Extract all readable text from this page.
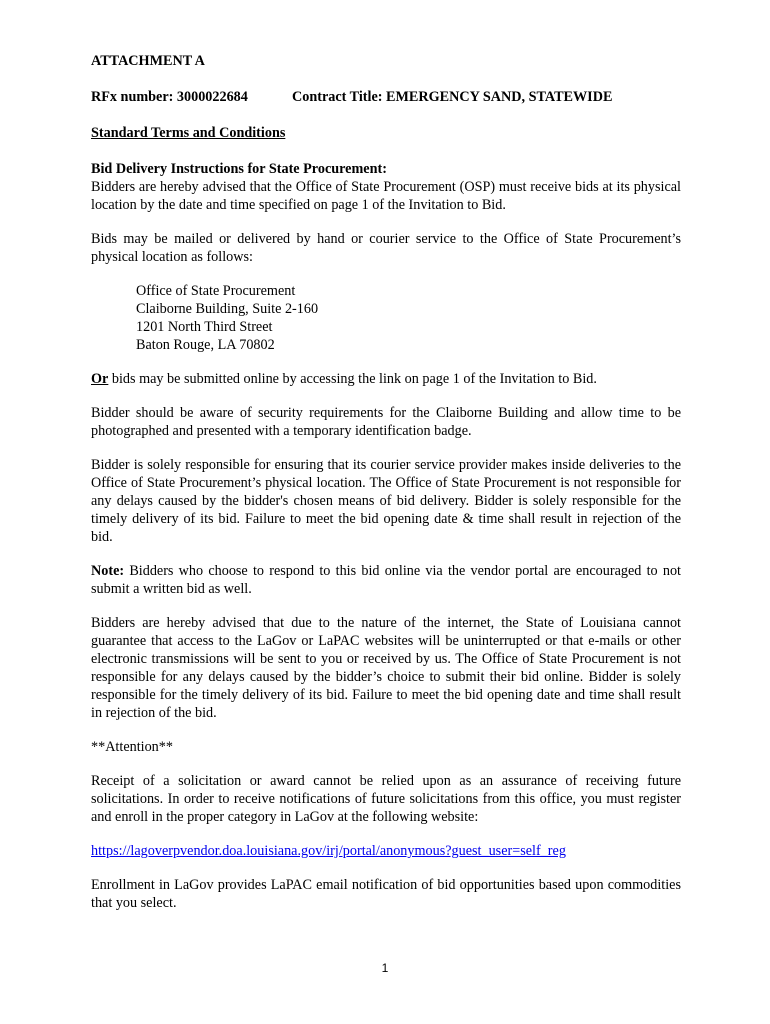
ATTACHMENT A

RFx number: 3000022684	Contract Title: EMERGENCY SAND, STATEWIDE

Standard Terms and Conditions

Bid Delivery Instructions for State Procurement:

Bidders are hereby advised that the Office of State Procurement (OSP) must receive bids at its physical location by the date and time specified on page 1 of the Invitation to Bid.

Bids may be mailed or delivered by hand or courier service to the Office of State Procurement’s physical location as follows:

Office of State Procurement
Claiborne Building, Suite 2-160
1201 North Third Street
Baton Rouge, LA 70802

Or bids may be submitted online by accessing the link on page 1 of the Invitation to Bid.

Bidder should be aware of security requirements for the Claiborne Building and allow time to be photographed and presented with a temporary identification badge.

Bidder is solely responsible for ensuring that its courier service provider makes inside deliveries to the Office of State Procurement’s physical location. The Office of State Procurement is not responsible for any delays caused by the bidder's chosen means of bid delivery. Bidder is solely responsible for the timely delivery of its bid. Failure to meet the bid opening date & time shall result in rejection of the bid.

Note: Bidders who choose to respond to this bid online via the vendor portal are encouraged to not submit a written bid as well.

Bidders are hereby advised that due to the nature of the internet, the State of Louisiana cannot guarantee that access to the LaGov or LaPAC websites will be uninterrupted or that e-mails or other electronic transmissions will be sent to you or received by us. The Office of State Procurement is not responsible for any delays caused by the bidder’s choice to submit their bid online. Bidder is solely responsible for the timely delivery of its bid. Failure to meet the bid opening date and time shall result in rejection of the bid.

**Attention**

Receipt of a solicitation or award cannot be relied upon as an assurance of receiving future solicitations. In order to receive notifications of future solicitations from this office, you must register and enroll in the proper category in LaGov at the following website:

https://lagoverpvendor.doa.louisiana.gov/irj/portal/anonymous?guest_user=self_reg

Enrollment in LaGov provides LaPAC email notification of bid opportunities based upon commodities that you select.

1
